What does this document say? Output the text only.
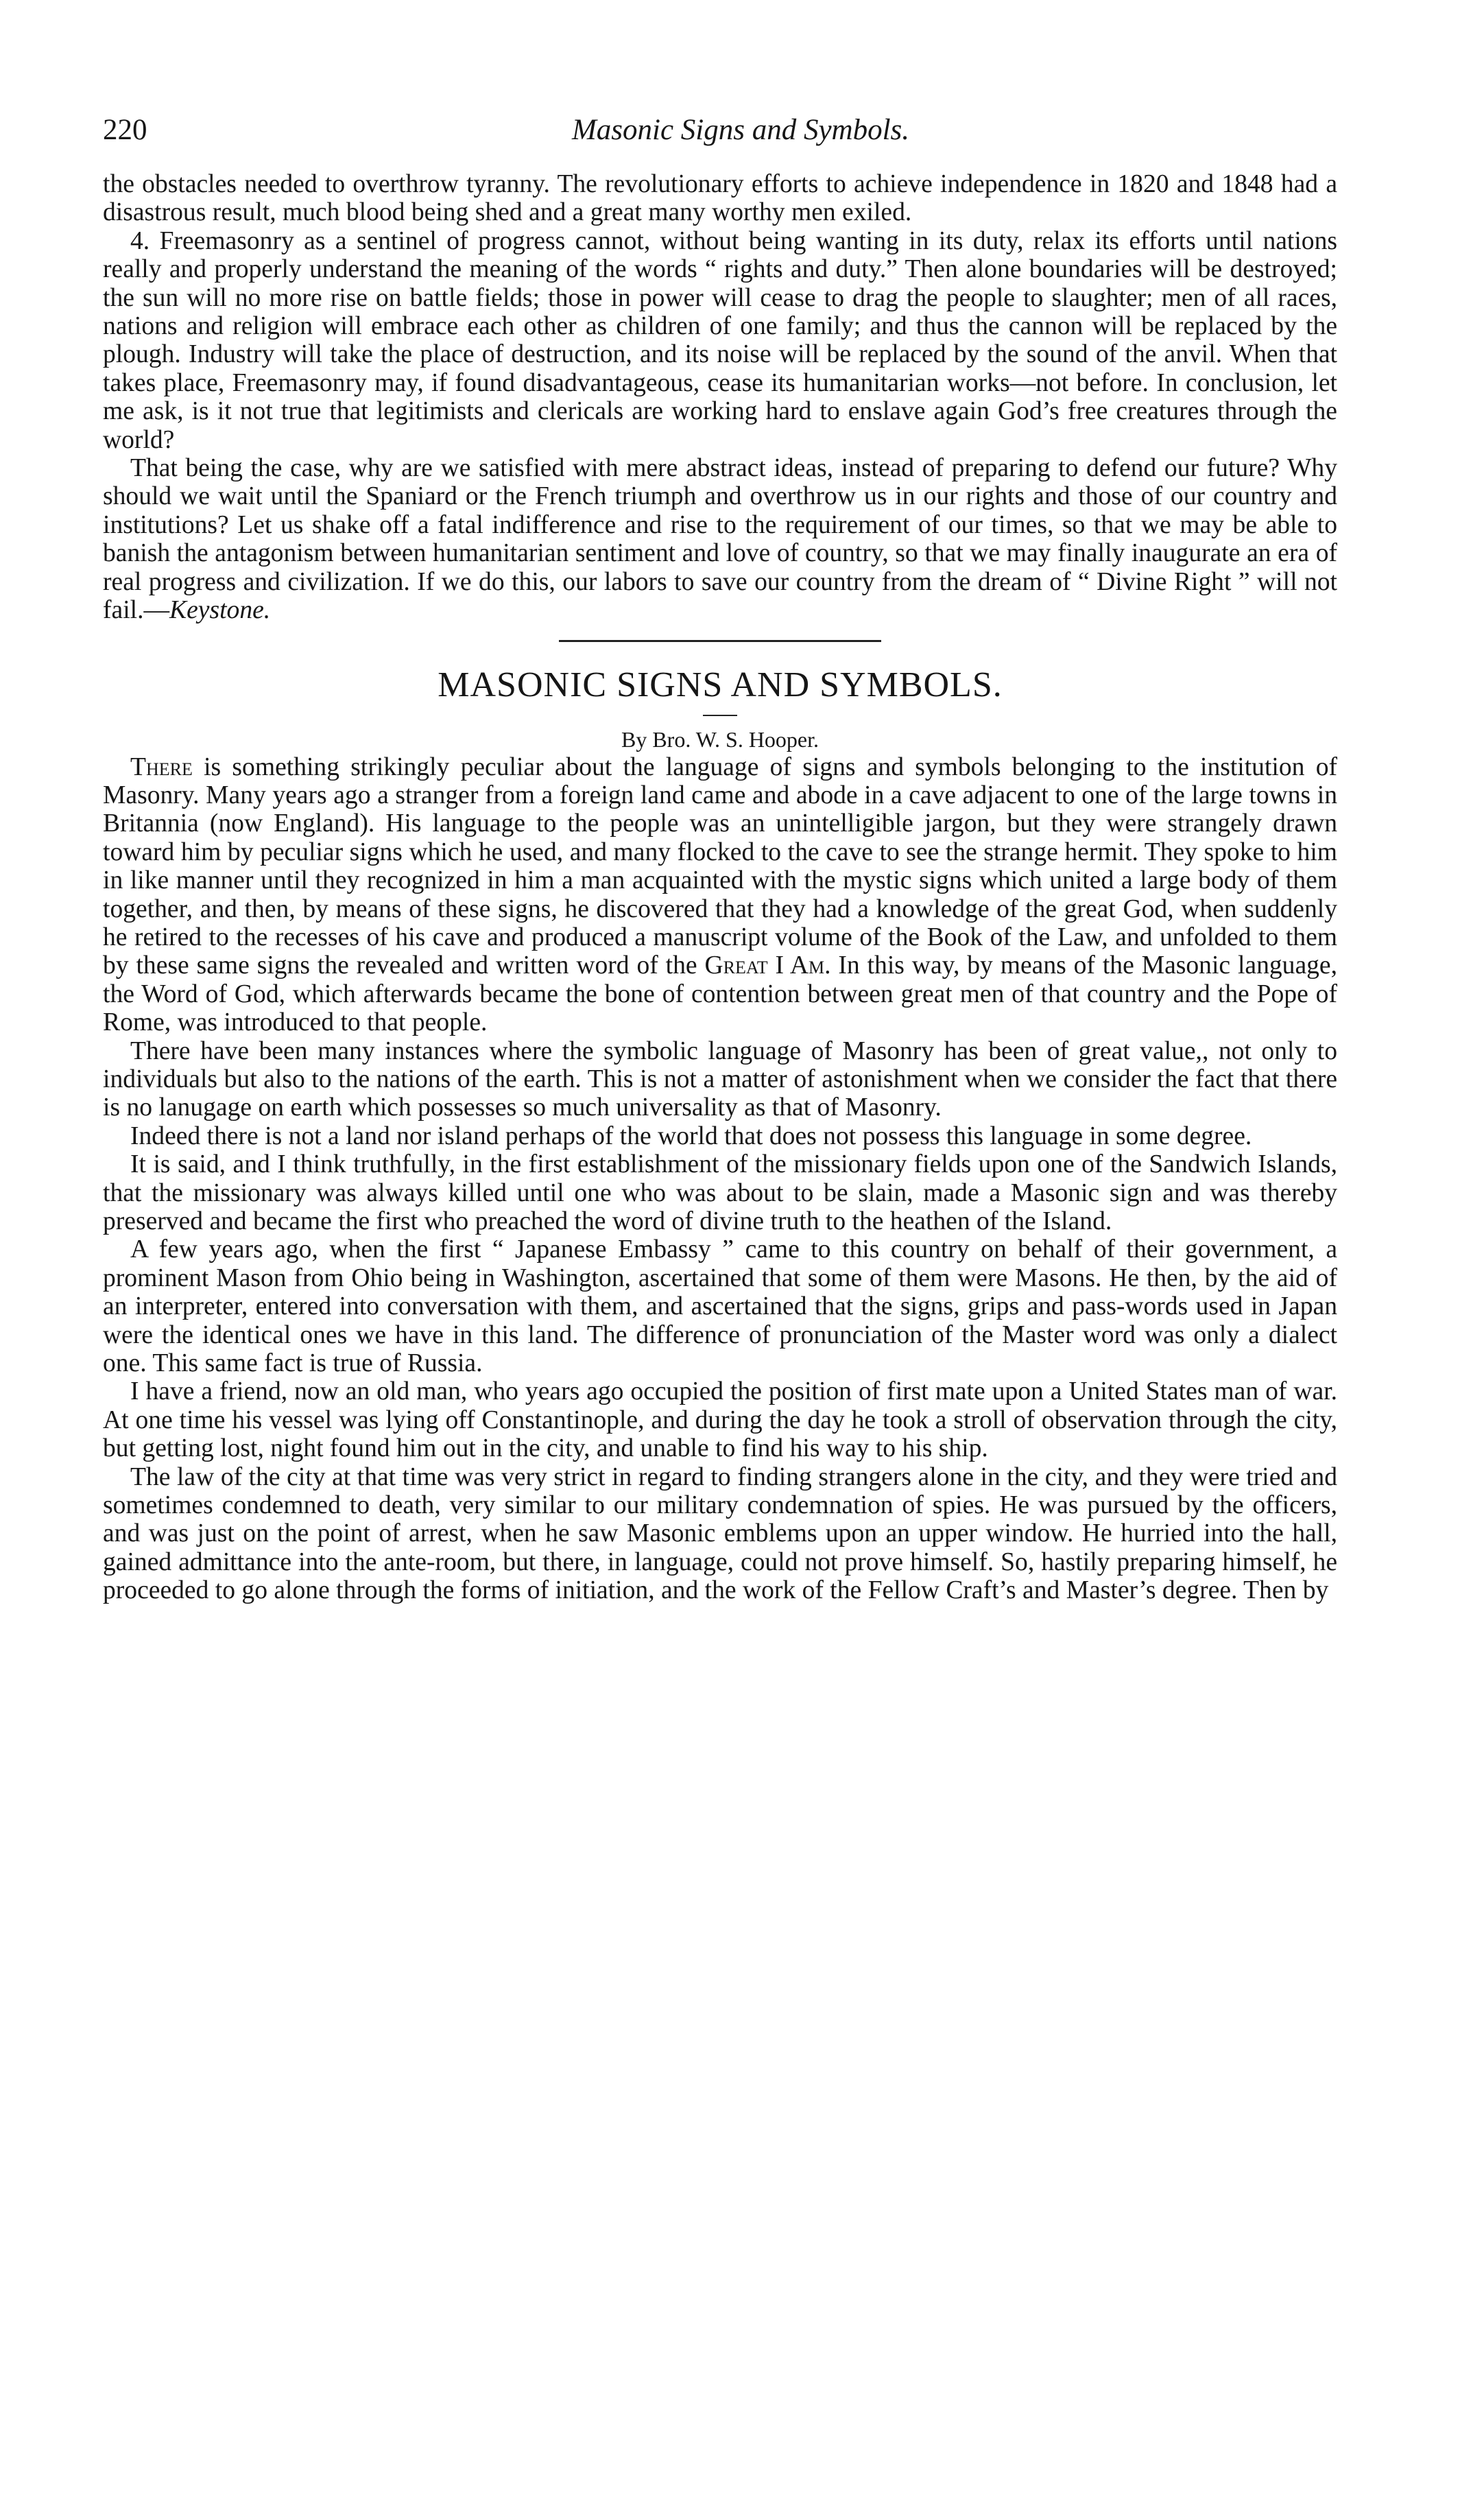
220	Masonic Signs and Symbols.

the obstacles needed to overthrow tyranny. The revolutionary efforts to achieve independence in 1820 and 1848 had a disastrous result, much blood being shed and a great many worthy men exiled.

4. Freemasonry as a sentinel of progress cannot, without being wanting in its duty, relax its efforts until nations really and properly understand the meaning of the words “ rights and duty.” Then alone boundaries will be destroyed; the sun will no more rise on battle fields; those in power will cease to drag the people to slaughter; men of all races, nations and religion will embrace each other as children of one family; and thus the cannon will be replaced by the plough. Industry will take the place of destruction, and its noise will be replaced by the sound of the anvil. When that takes place, Freemasonry may, if found disadvantageous, cease its humanitarian works—not before. In conclusion, let me ask, is it not true that legitimists and clericals are working hard to enslave again God’s free creatures through the world?

That being the case, why are we satisfied with mere abstract ideas, instead of preparing to defend our future? Why should we wait until the Spaniard or the French triumph and overthrow us in our rights and those of our country and institutions? Let us shake off a fatal indifference and rise to the requirement of our times, so that we may be able to banish the antagonism between humanitarian sentiment and love of country, so that we may finally inaugurate an era of real progress and civilization. If we do this, our labors to save our country from the dream of “ Divine Right ” will not fail.—Keystone.

MASONIC SIGNS AND SYMBOLS.
By Bro. W. S. Hooper.

There is something strikingly peculiar about the language of signs and symbols belonging to the institution of Masonry. Many years ago a stranger from a foreign land came and abode in a cave adjacent to one of the large towns in Britannia (now England). His language to the people was an unintelligible jargon, but they were strangely drawn toward him by peculiar signs which he used, and many flocked to the cave to see the strange hermit. They spoke to him in like manner until they recognized in him a man acquainted with the mystic signs which united a large body of them together, and then, by means of these signs, he discovered that they had a knowledge of the great God, when suddenly he retired to the recesses of his cave and produced a manuscript volume of the Book of the Law, and unfolded to them by these same signs the revealed and written word of the Great I Am. In this way, by means of the Masonic language, the Word of God, which afterwards became the bone of contention between great men of that country and the Pope of Rome, was introduced to that people.

There have been many instances where the symbolic language of Masonry has been of great value,, not only to individuals but also to the nations of the earth. This is not a matter of astonishment when we consider the fact that there is no lanugage on earth which possesses so much universality as that of Masonry.

Indeed there is not a land nor island perhaps of the world that does not possess this language in some degree.

It is said, and I think truthfully, in the first establishment of the missionary fields upon one of the Sandwich Islands, that the missionary was always killed until one who was about to be slain, made a Masonic sign and was thereby preserved and became the first who preached the word of divine truth to the heathen of the Island.

A few years ago, when the first “ Japanese Embassy ” came to this country on behalf of their government, a prominent Mason from Ohio being in Washington, ascertained that some of them were Masons. He then, by the aid of an interpreter, entered into conversation with them, and ascertained that the signs, grips and pass-words used in Japan were the identical ones we have in this land. The difference of pronunciation of the Master word was only a dialect one. This same fact is true of Russia.

I have a friend, now an old man, who years ago occupied the position of first mate upon a United States man of war. At one time his vessel was lying off Constantinople, and during the day he took a stroll of observation through the city, but getting lost, night found him out in the city, and unable to find his way to his ship.

The law of the city at that time was very strict in regard to finding strangers alone in the city, and they were tried and sometimes condemned to death, very similar to our military condemnation of spies. He was pursued by the officers, and was just on the point of arrest, when he saw Masonic emblems upon an upper window. He hurried into the hall, gained admittance into the ante-room, but there, in language, could not prove himself. So, hastily preparing himself, he proceeded to go alone through the forms of initiation, and the work of the Fellow Craft’s and Master’s degree. Then by
